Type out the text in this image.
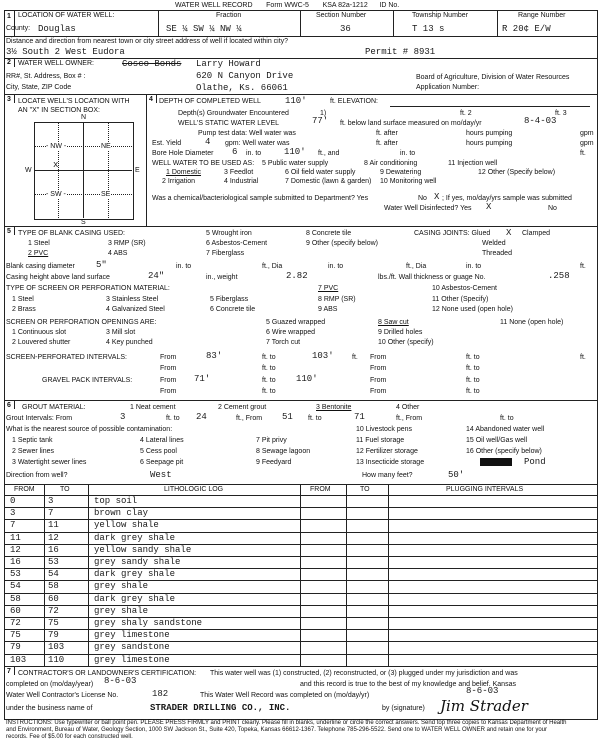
WATER WELL RECORD Form WWC-5 KSA 82a-1212 ID No.
1 LOCATION OF WATER WELL:
County: Douglas
Fraction
SE ¼ SW ¼ NW ¼
Section Number
36
Township Number
T 13 s
Range Number
R 20¢ E/W
Distance and direction from nearest town or city street address of well if located within city?
3½ South 2 West Eudora	Permit # 8931
2 WATER WELL OWNER:	Cosco Bonds Larry Howard
RR#, St. Address, Box # :	620 N Canyon Drive
City, State, ZIP Code	Olathe, Ks. 66061
Board of Agriculture, Division of Water Resources
Application Number:
3 LOCATE WELL'S LOCATION WITH
AN "X" IN SECTION BOX:
N
S
E
W
- NW -	NE
- SW -	SE
x
4 DEPTH OF COMPLETED WELL	110'	ft. ELEVATION:
Depth(s) Groundwater Encountered	1)	ft. 2	ft. 3
WELL'S STATIC WATER LEVEL	77' ft. below land surface measured on mo/day/yr	8-4-03
Pump test data: Well water was	ft. after	hours pumping	gpm
Est. Yield	4 gpm: Well water was	ft. after	hours pumping	gpm
Bore Hole Diameter 6 in. to	110' ft., and	in. to	ft.
WELL WATER TO BE USED AS: 5 Public water supply	8 Air conditioning	11 Injection well
1 Domestic	3 Feedlot	6 Oil field water supply	9 Dewatering	12 Other (Specify below)
2 Irrigation	4 Industrial	7 Domestic (lawn & garden) 10 Monitoring well
Was a chemical/bacteriological sample submitted to Department? Yes	No X ; If yes, mo/day/yrs sample was submitted
Water Well Disinfected? Yes X	No
5 TYPE OF BLANK CASING USED:	5 Wrought iron	8 Concrete tile	CASING JOINTS: Glued X Clamped
1 Steel	3 RMP (SR)	6 Asbestos-Cement	9 Other (specify below)	Welded
2 PVC	4 ABS	7 Fiberglass	Threaded
Blank casing diameter 5"	in. to	ft., Dia	in. to	ft., Dia	in. to	ft.
Casing height above land surface	24"	in., weight	2.82	lbs./ft. Wall thickness or guage No.	.258
TYPE OF SCREEN OR PERFORATION MATERIAL:	7 PVC	10 Asbestos-Cement
1 Steel	3 Stainless Steel	5 Fiberglass	8 RMP (SR)	11 Other (Specify)
2 Brass	4 Galvanized Steel	6 Concrete tile	9 ABS	12 None used (open hole)
SCREEN OR PERFORATION OPENINGS ARE:	5 Guazed wrapped	8 Saw cut	11 None (open hole)
1 Continuous slot	3 Mill slot	6 Wire wrapped	9 Drilled holes
2 Louvered shutter	4 Key punched	7 Torch cut	10 Other (specify)
SCREEN-PERFORATED INTERVALS:	From	83'	ft. to	103'	ft. From	ft. to	ft.
From	ft. to	From	ft. to
GRAVEL PACK INTERVALS:	From 71'	ft. to 110'	From	ft. to
From	ft. to	From	ft. to
6 GROUT MATERIAL:	1 Neat cement	2 Cement grout	3 Bentonite	4 Other
Grout Intervals: From	3	ft. to 24	ft., From 51 ft. to	71	ft., From	ft. to
What is the nearest source of possible contamination:	10 Livestock pens	14 Abandoned water well
1 Septic tank	4 Lateral lines	7 Pit privy	11 Fuel storage	15 Oil well/Gas well
2 Sewer lines	5 Cess pool	8 Sewage lagoon	12 Fertilizer storage	16 Other (specify below)
3 Watertight sewer lines	6 Seepage pit	9 Feedyard	13 Insecticide storage	Pond
Direction from well?	West	How many feet?	50'
FROM	TO	LITHOLOGIC LOG	FROM	TO	PLUGGING INTERVALS
0	3	top soil
3	7	brown clay
7	11	yellow shale
11	12	dark grey shale
12	16	yellow sandy shale
16	53	grey sandy shale
53	54	dark grey shale
54	58	grey shale
58	60	dark grey shale
60	72	grey shale
72	75	grey shaly sandstone
75	79	grey limestone
79	103	grey sandstone
103 110	grey limestone
7 CONTRACTOR'S OR LANDOWNER'S CERTIFICATION: This water well was (1) constructed, (2) reconstructed, or (3) plugged under my jurisdiction and was
completed on (mo/day/year) 8-6-03	and this record is true to the best of my knowledge and belief. Kansas
Water Well Contractor's License No.	182	This Water Well Record was completed on (mo/day/yr)	8-6-03
under the business name of	STRADER DRILLING CO., INC.	by (signature) Jim Strader
INSTRUCTIONS: Use typewriter or ball point pen. PLEASE PRESS FIRMLY and PRINT clearly. Please fill in blanks, underline or circle the correct answers. Send top three copies to Kansas Department of Health
and Environment, Bureau of Water, Geology Section, 1000 SW Jackson St., Suite 420, Topeka, Kansas 66612-1367. Telephone 785-296-5522. Send one to WATER WELL OWNER and retain one for your
records. Fee of $5.00 for each constructed well.
